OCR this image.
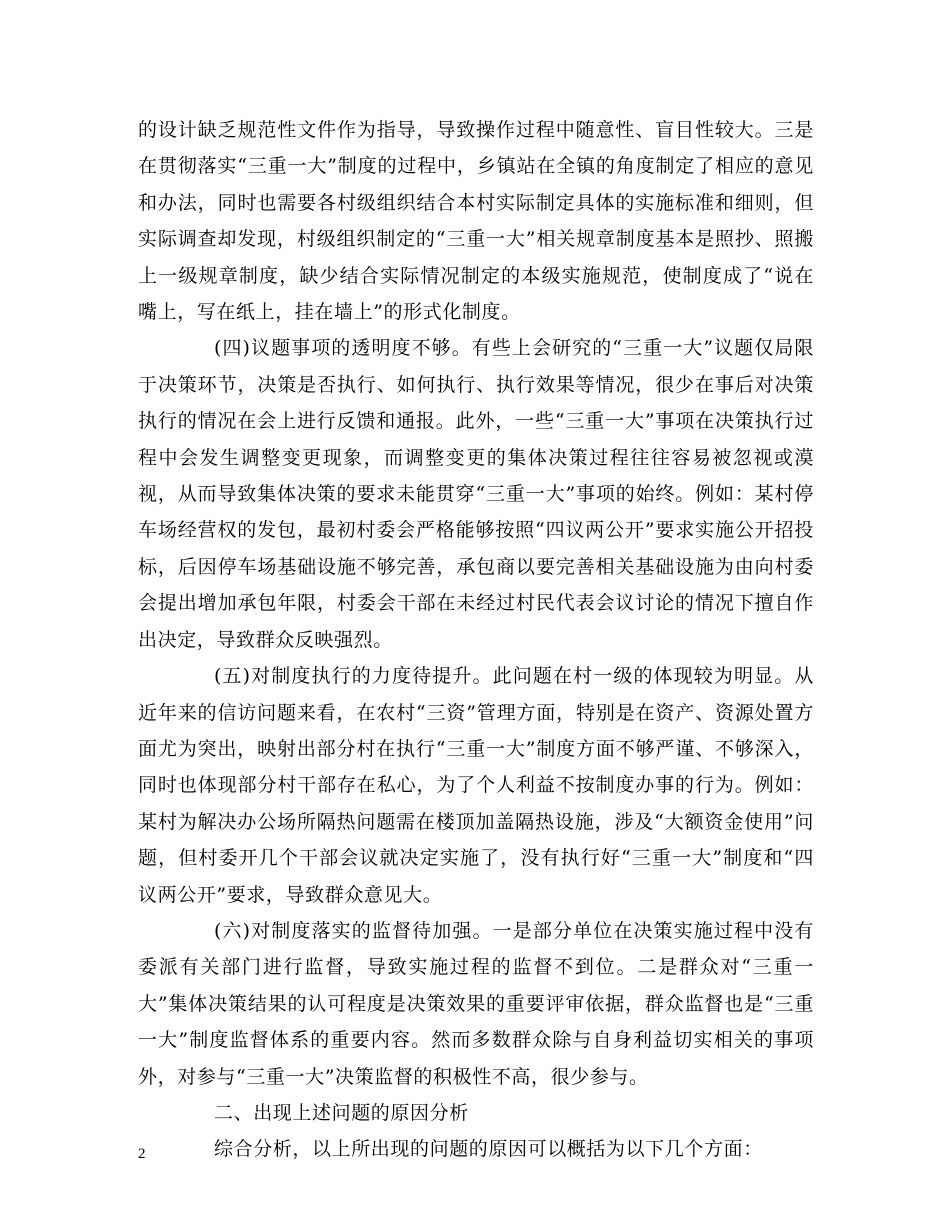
的设计缺乏规范性文件作为指导，导致操作过程中随意性、盲目性较大。三是在贯彻落实“三重一大”制度的过程中，乡镇站在全镇的角度制定了相应的意见和办法，同时也需要各村级组织结合本村实际制定具体的实施标准和细则，但实际调查却发现，村级组织制定的“三重一大”相关规章制度基本是照抄、照搬上一级规章制度，缺少结合实际情况制定的本级实施规范，使制度成了“说在嘴上，写在纸上，挂在墙上”的形式化制度。

(四)议题事项的透明度不够。有些上会研究的“三重一大”议题仅局限于决策环节，决策是否执行、如何执行、执行效果等情况，很少在事后对决策执行的情况在会上进行反馈和通报。此外，一些“三重一大”事项在决策执行过程中会发生调整变更现象，而调整变更的集体决策过程往往容易被忽视或漠视，从而导致集体决策的要求未能贯穿“三重一大”事项的始终。例如：某村停车场经营权的发包，最初村委会严格能够按照“四议两公开”要求实施公开招投标，后因停车场基础设施不够完善，承包商以要完善相关基础设施为由向村委会提出增加承包年限，村委会干部在未经过村民代表会议讨论的情况下擅自作出决定，导致群众反映强烈。

(五)对制度执行的力度待提升。此问题在村一级的体现较为明显。从近年来的信访问题来看，在农村“三资”管理方面，特别是在资产、资源处置方面尤为突出，映射出部分村在执行“三重一大”制度方面不够严谨、不够深入，同时也体现部分村干部存在私心，为了个人利益不按制度办事的行为。例如：某村为解决办公场所隔热问题需在楼顶加盖隔热设施，涉及“大额资金使用”问题，但村委开几个干部会议就决定实施了，没有执行好“三重一大”制度和“四议两公开”要求，导致群众意见大。

(六)对制度落实的监督待加强。一是部分单位在决策实施过程中没有委派有关部门进行监督，导致实施过程的监督不到位。二是群众对“三重一大”集体决策结果的认可程度是决策效果的重要评审依据，群众监督也是“三重一大”制度监督体系的重要内容。然而多数群众除与自身利益切实相关的事项外，对参与“三重一大”决策监督的积极性不高，很少参与。

二、出现上述问题的原因分析

综合分析，以上所出现的问题的原因可以概括为以下几个方面：

2
